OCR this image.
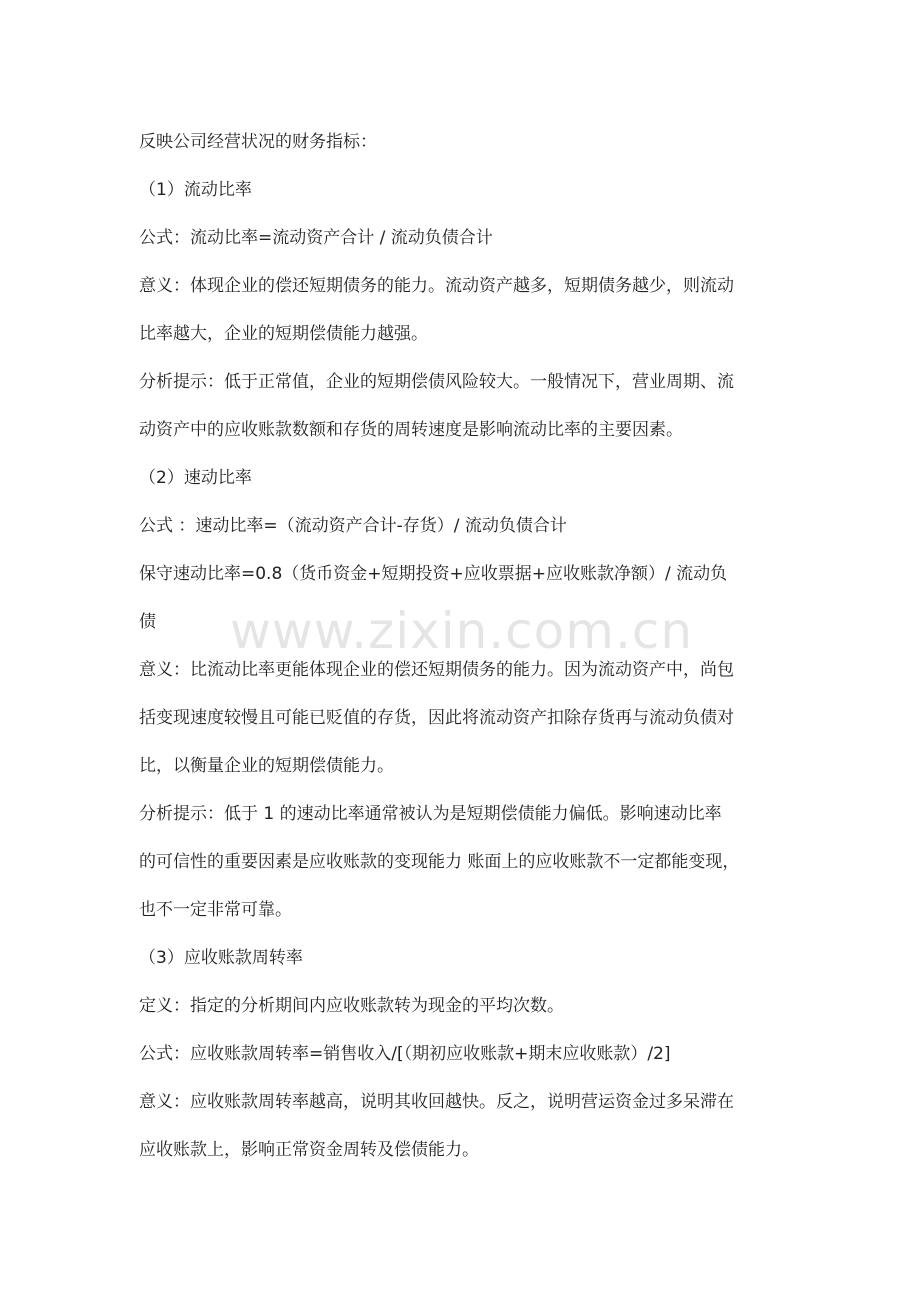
反映公司经营状况的财务指标：

（1）流动比率

公式：流动比率=流动资产合计 / 流动负债合计

意义：体现企业的偿还短期债务的能力。流动资产越多，短期债务越少，则流动
比率越大，企业的短期偿债能力越强。

分析提示：低于正常值，企业的短期偿债风险较大。一般情况下，营业周期、流
动资产中的应收账款数额和存货的周转速度是影响流动比率的主要因素。

（2）速动比率

公式 ：速动比率=（流动资产合计-存货）/ 流动负债合计

保守速动比率=0.8（货币资金+短期投资+应收票据+应收账款净额）/ 流动负
债

意义：比流动比率更能体现企业的偿还短期债务的能力。因为流动资产中，尚包
括变现速度较慢且可能已贬值的存货，因此将流动资产扣除存货再与流动负债对
比，以衡量企业的短期偿债能力。

分析提示：低于 1 的速动比率通常被认为是短期偿债能力偏低。影响速动比率
的可信性的重要因素是应收账款的变现能力 账面上的应收账款不一定都能变现，
也不一定非常可靠。

（3）应收账款周转率

定义：指定的分析期间内应收账款转为现金的平均次数。

公式：应收账款周转率=销售收入/[（期初应收账款+期末应收账款）/2]

意义：应收账款周转率越高，说明其收回越快。反之，说明营运资金过多呆滞在
应收账款上，影响正常资金周转及偿债能力。

www.zixin.com.cn
